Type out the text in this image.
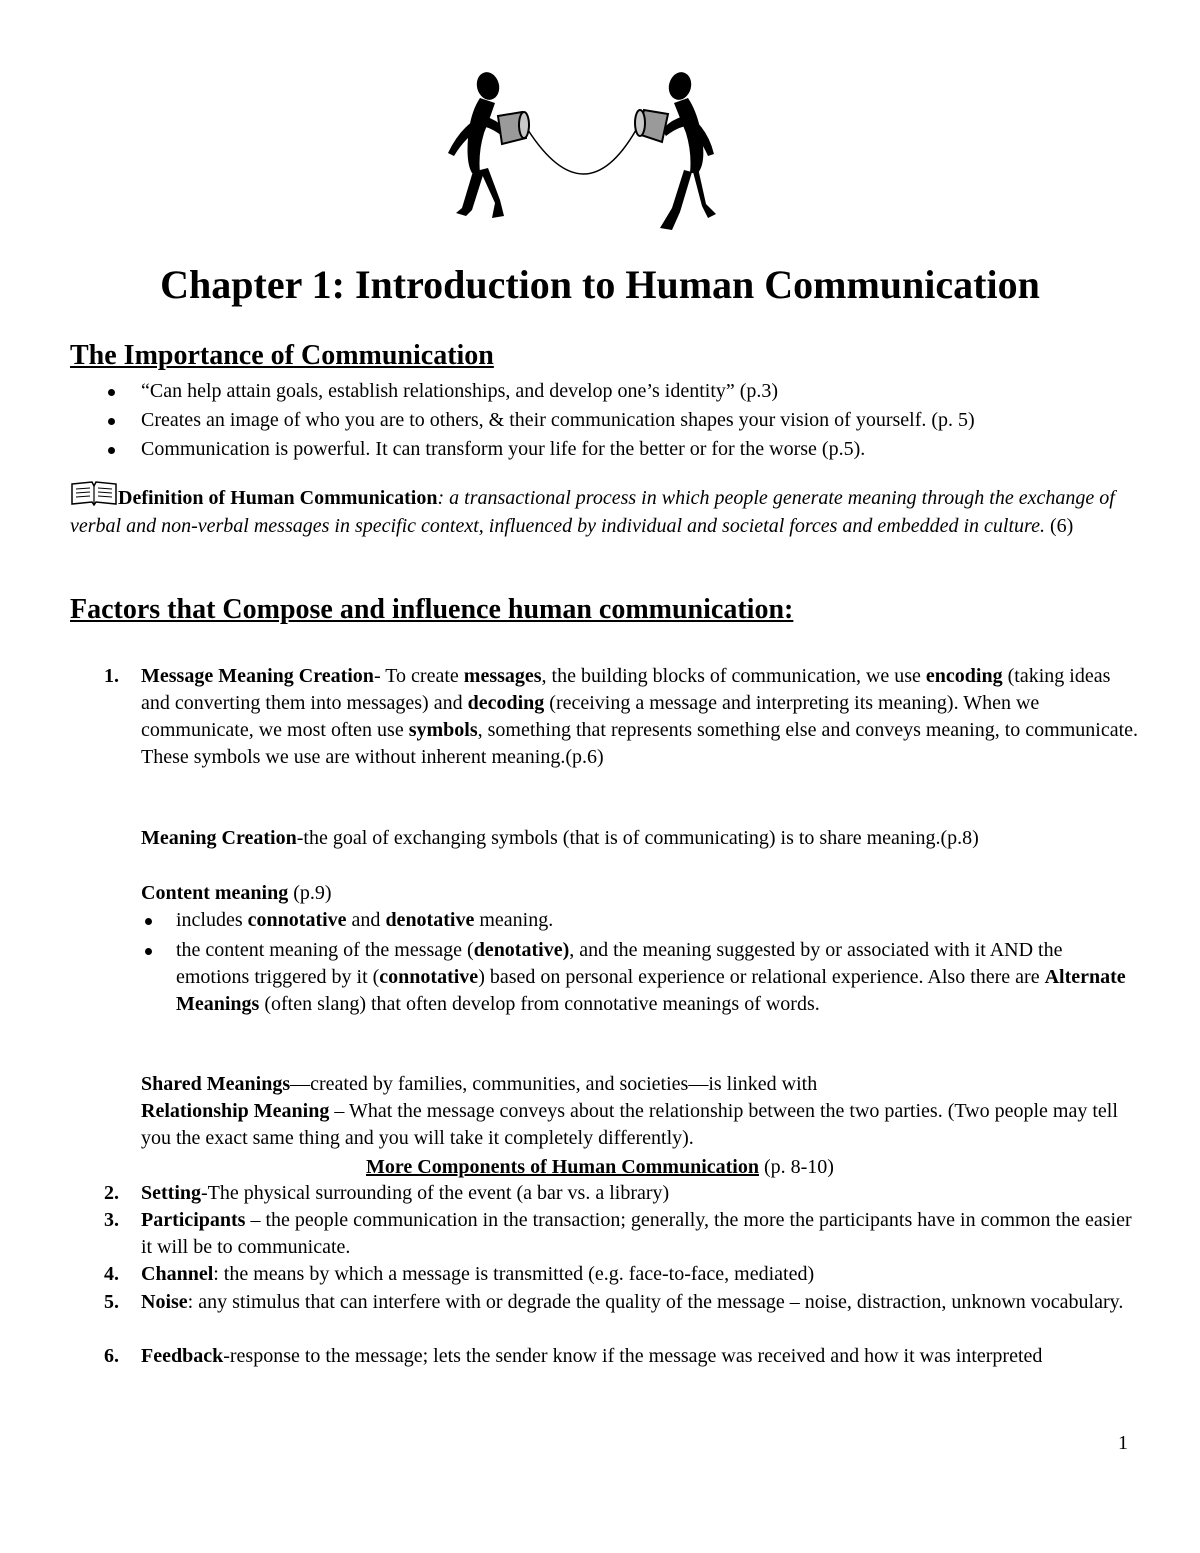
Chapter 1: Introduction to Human Communication
The Importance of Communication
“Can help attain goals, establish relationships, and develop one’s identity” (p.3)
Creates an image of who you are to others, & their communication shapes your vision of yourself. (p. 5)
Communication is powerful. It can transform your life for the better or for the worse (p.5).
Definition of Human Communication: a transactional process in which people generate meaning through the exchange of verbal and non-verbal messages in specific context, influenced by individual and societal forces and embedded in culture. (6)
Factors that Compose and influence human communication:
1. Message Meaning Creation- To create messages, the building blocks of communication, we use encoding (taking ideas and converting them into messages) and decoding (receiving a message and interpreting its meaning). When we communicate, we most often use symbols, something that represents something else and conveys meaning, to communicate. These symbols we use are without inherent meaning.(p.6)
Meaning Creation-the goal of exchanging symbols (that is of communicating) is to share meaning.(p.8)
Content meaning (p.9)
includes connotative and denotative meaning.
the content meaning of the message (denotative), and the meaning suggested by or associated with it AND the emotions triggered by it (connotative) based on personal experience or relational experience. Also there are Alternate Meanings (often slang) that often develop from connotative meanings of words.
Shared Meanings—created by families, communities, and societies—is linked with
Relationship Meaning – What the message conveys about the relationship between the two parties. (Two people may tell you the exact same thing and you will take it completely differently).
More Components of Human Communication (p. 8-10)
2. Setting-The physical surrounding of the event (a bar vs. a library)
3. Participants – the people communication in the transaction; generally, the more the participants have in common the easier it will be to communicate.
4. Channel: the means by which a message is transmitted (e.g. face-to-face, mediated)
5. Noise: any stimulus that can interfere with or degrade the quality of the message – noise, distraction, unknown vocabulary.
6. Feedback-response to the message; lets the sender know if the message was received and how it was interpreted
1
